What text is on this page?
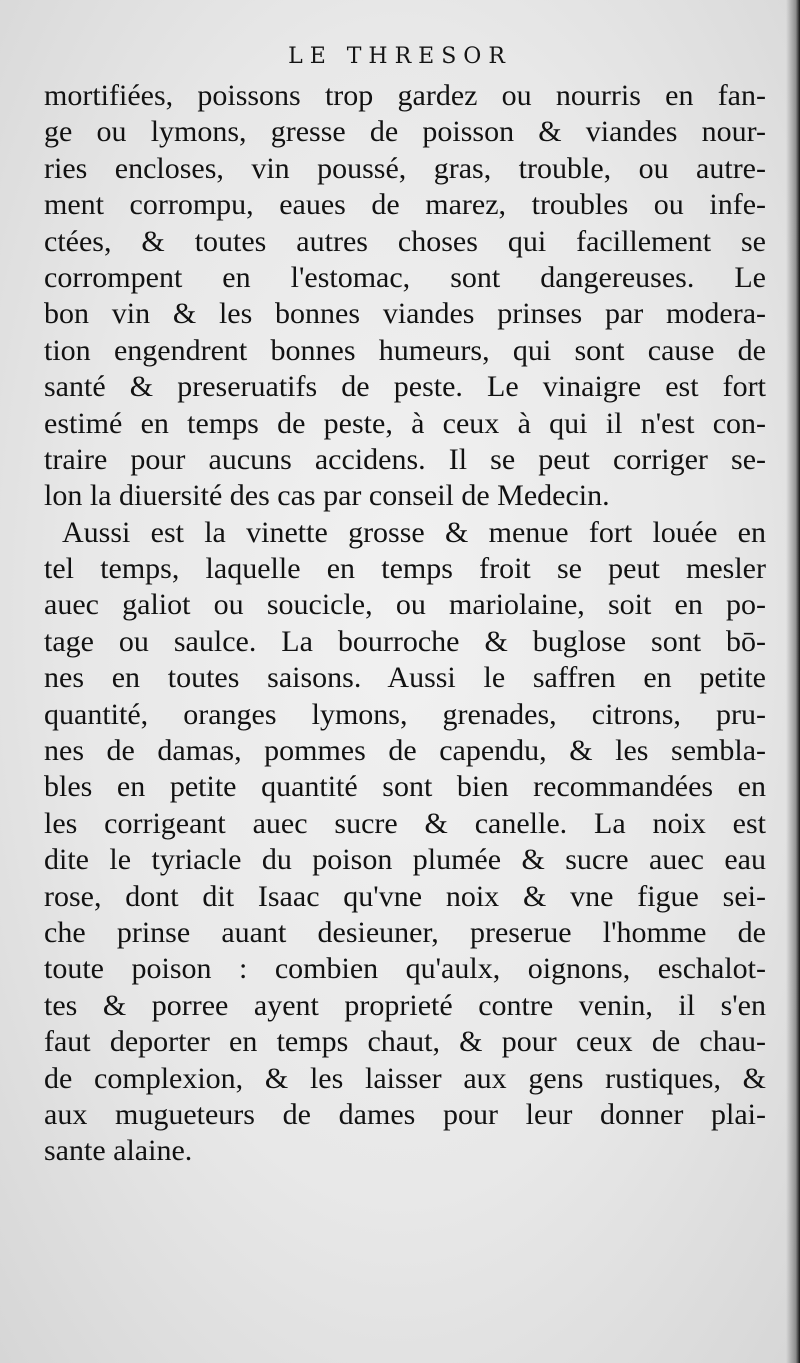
LE THRESOR
mortifiées, poissons trop gardez ou nourris en fan-
ge ou lymons, gresse de poisson & viandes nour-
ries encloses, vin poussé, gras, trouble, ou autre-
ment corrompu, eaues de marez, troubles ou infe-
ctées, & toutes autres choses qui facillement se
corrompent en l'estomac, sont dangereuses. Le
bon vin & les bonnes viandes prinses par modera-
tion engendrent bonnes humeurs, qui sont cause de
santé & preseruatifs de peste. Le vinaigre est fort
estimé en temps de peste, à ceux à qui il n'est con-
traire pour aucuns accidens. Il se peut corriger se-
lon la diuersité des cas par conseil de Medecin.
Aussi est la vinette grosse & menue fort louée en
tel temps, laquelle en temps froit se peut mesler
auec galiot ou soucicle, ou mariolaine, soit en po-
tage ou saulce. La bourroche & buglose sont bō-
nes en toutes saisons. Aussi le saffren en petite
quantité, oranges lymons, grenades, citrons, pru-
nes de damas, pommes de capendu, & les sembla-
bles en petite quantité sont bien recommandées en
les corrigeant auec sucre & canelle. La noix est
dite le tyriacle du poison plumée & sucre auec eau
rose, dont dit Isaac qu'vne noix & vne figue sei-
che prinse auant desieuner, preserue l'homme de
toute poison : combien qu'aulx, oignons, eschalot-
tes & porree ayent proprieté contre venin, il s'en
faut deporter en temps chaut, & pour ceux de chau-
de complexion, & les laisser aux gens rustiques, &
aux mugueteurs de dames pour leur donner plai-
sante alaine.
